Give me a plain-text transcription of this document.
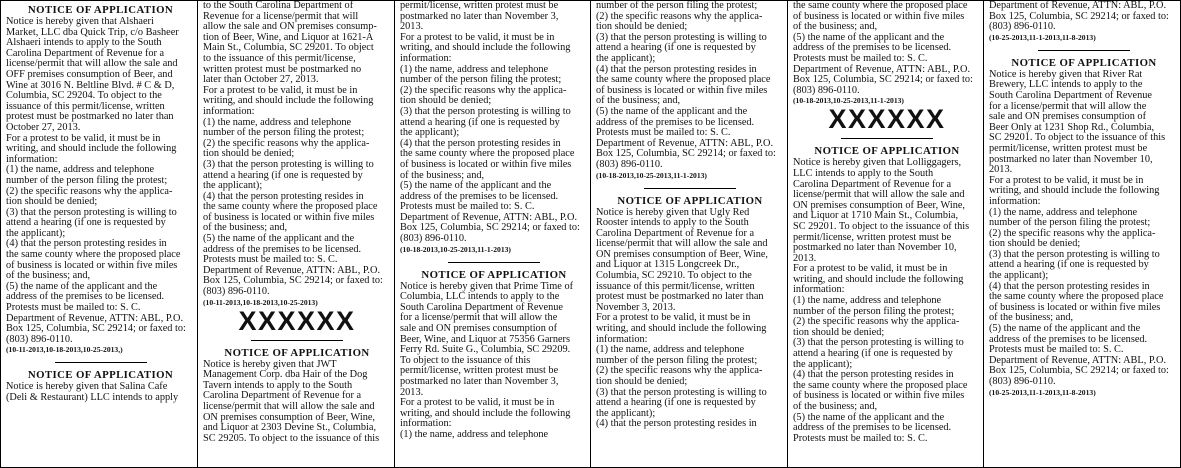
NOTICE OF APPLICATION
Notice is hereby given that Alshaeri
Market, LLC dba Quick Trip, c/o Basheer
Alshaeri intends to apply to the South
Carolina Department of Revenue for a
license/permit that will allow the sale and
OFF premises consumption of Beer, and
Wine at 3016 N. Beltline Blvd. # C & D,
Columbia, SC 29204. To object to the
issuance of this permit/license, written
protest must be postmarked no later than
October 27, 2013.
For a protest to be valid, it must be in
writing, and should include the following
information:
(1) the name, address and telephone
number of the person filing the protest;
(2) the specific reasons why the applica-
tion should be denied;
(3) that the person protesting is willing to
attend a hearing (if one is requested by
the applicant);
(4) that the person protesting resides in
the same county where the proposed place
of business is located or within five miles
of the business; and,
(5) the name of the applicant and the
address of the premises to be licensed.
Protests must be mailed to: S. C.
Department of Revenue, ATTN: ABL, P.O.
Box 125, Columbia, SC 29214; or faxed to:
(803) 896-0110.
(10-11-2013,10-18-2013,10-25-2013,)
NOTICE OF APPLICATION
Notice is hereby given that Salina Cafe
(Deli & Restaurant) LLC intends to apply
to the South Carolina Department of
Revenue for a license/permit that will
allow the sale and ON premises consump-
tion of Beer, Wine, and Liquor at 1621-A
Main St., Columbia, SC 29201. To object
to the issuance of this permit/license,
written protest must be postmarked no
later than October 27, 2013.
For a protest to be valid, it must be in
writing, and should include the following
information:
(1) the name, address and telephone
number of the person filing the protest;
(2) the specific reasons why the applica-
tion should be denied;
(3) that the person protesting is willing to
attend a hearing (if one is requested by
the applicant);
(4) that the person protesting resides in
the same county where the proposed place
of business is located or within five miles
of the business; and,
(5) the name of the applicant and the
address of the premises to be licensed.
Protests must be mailed to: S. C.
Department of Revenue, ATTN: ABL, P.O.
Box 125, Columbia, SC 29214; or faxed to:
(803) 896-0110.
(10-11-2013,10-18-2013,10-25-2013)
XXXXXX
NOTICE OF APPLICATION
Notice is hereby given that JWT
Management Corp. dba Hair of the Dog
Tavern intends to apply to the South
Carolina Department of Revenue for a
license/permit that will allow the sale and
ON premises consumption of Beer, Wine,
and Liquor at 2303 Devine St., Columbia,
SC 29205. To object to the issuance of this
permit/license, written protest must be
postmarked no later than November 3,
2013.
For a protest to be valid, it must be in
writing, and should include the following
information:
(1) the name, address and telephone
number of the person filing the protest;
(2) the specific reasons why the applica-
tion should be denied;
(3) that the person protesting is willing to
attend a hearing (if one is requested by
the applicant);
(4) that the person protesting resides in
the same county where the proposed place
of business is located or within five miles
of the business; and,
(5) the name of the applicant and the
address of the premises to be licensed.
Protests must be mailed to: S. C.
Department of Revenue, ATTN: ABL, P.O.
Box 125, Columbia, SC 29214; or faxed to:
(803) 896-0110.
(10-18-2013,10-25-2013,11-1-2013)
NOTICE OF APPLICATION
Notice is hereby given that Prime Time of
Columbia, LLC intends to apply to the
South Carolina Department of Revenue
for a license/permit that will allow the
sale and ON premises consumption of
Beer, Wine, and Liquor at 75356 Garners
Ferry Rd. Suite G., Columbia, SC 29209.
To object to the issuance of this
permit/license, written protest must be
postmarked no later than November 3,
2013.
For a protest to be valid, it must be in
writing, and should include the following
information:
(1) the name, address and telephone
number of the person filing the protest;
(2) the specific reasons why the applica-
tion should be denied;
(3) that the person protesting is willing to
attend a hearing (if one is requested by
the applicant);
(4) that the person protesting resides in
the same county where the proposed place
of business is located or within five miles
of the business; and,
(5) the name of the applicant and the
address of the premises to be licensed.
Protests must be mailed to: S. C.
Department of Revenue, ATTN: ABL, P.O.
Box 125, Columbia, SC 29214; or faxed to:
(803) 896-0110.
(10-18-2013,10-25-2013,11-1-2013)
NOTICE OF APPLICATION
Notice is hereby given that Ugly Red
Rooster intends to apply to the South
Carolina Department of Revenue for a
license/permit that will allow the sale and
ON premises consumption of Beer, Wine,
and Liquor at 1315 Longcreek Dr.,
Columbia, SC 29210. To object to the
issuance of this permit/license, written
protest must be postmarked no later than
November 3, 2013.
For a protest to be valid, it must be in
writing, and should include the following
information:
(1) the name, address and telephone
number of the person filing the protest;
(2) the specific reasons why the applica-
tion should be denied;
(3) that the person protesting is willing to
attend a hearing (if one is requested by
the applicant);
(4) that the person protesting resides in
the same county where the proposed place
of business is located or within five miles
of the business; and,
(5) the name of the applicant and the
address of the premises to be licensed.
Protests must be mailed to: S. C.
Department of Revenue, ATTN: ABL, P.O.
Box 125, Columbia, SC 29214; or faxed to:
(803) 896-0110.
(10-18-2013,10-25-2013,11-1-2013)
XXXXXX
NOTICE OF APPLICATION
Notice is hereby given that Lolliggagers,
LLC intends to apply to the South
Carolina Department of Revenue for a
license/permit that will allow the sale and
ON premises consumption of Beer, Wine,
and Liquor at 1710 Main St., Columbia,
SC 29201. To object to the issuance of this
permit/license, written protest must be
postmarked no later than November 10,
2013.
For a protest to be valid, it must be in
writing, and should include the following
information:
(1) the name, address and telephone
number of the person filing the protest;
(2) the specific reasons why the applica-
tion should be denied;
(3) that the person protesting is willing to
attend a hearing (if one is requested by
the applicant);
(4) that the person protesting resides in
the same county where the proposed place
of business is located or within five miles
of the business; and,
(5) the name of the applicant and the
address of the premises to be licensed.
Protests must be mailed to: S. C.
Department of Revenue, ATTN: ABL, P.O.
Box 125, Columbia, SC 29214; or faxed to:
(803) 896-0110.
(10-25-2013,11-1-2013,11-8-2013)
NOTICE OF APPLICATION
Notice is hereby given that River Rat
Brewery, LLC intends to apply to the
South Carolina Department of Revenue
for a license/permit that will allow the
sale and ON premises consumption of
Beer Only at 1231 Shop Rd., Columbia,
SC 29201. To object to the issuance of this
permit/license, written protest must be
postmarked no later than November 10,
2013.
For a protest to be valid, it must be in
writing, and should include the following
information:
(1) the name, address and telephone
number of the person filing the protest;
(2) the specific reasons why the applica-
tion should be denied;
(3) that the person protesting is willing to
attend a hearing (if one is requested by
the applicant);
(4) that the person protesting resides in
the same county where the proposed place
of business is located or within five miles
of the business; and,
(5) the name of the applicant and the
address of the premises to be licensed.
Protests must be mailed to: S. C.
Department of Revenue, ATTN: ABL, P.O.
Box 125, Columbia, SC 29214; or faxed to:
(803) 896-0110.
(10-25-2013,11-1-2013,11-8-2013)
